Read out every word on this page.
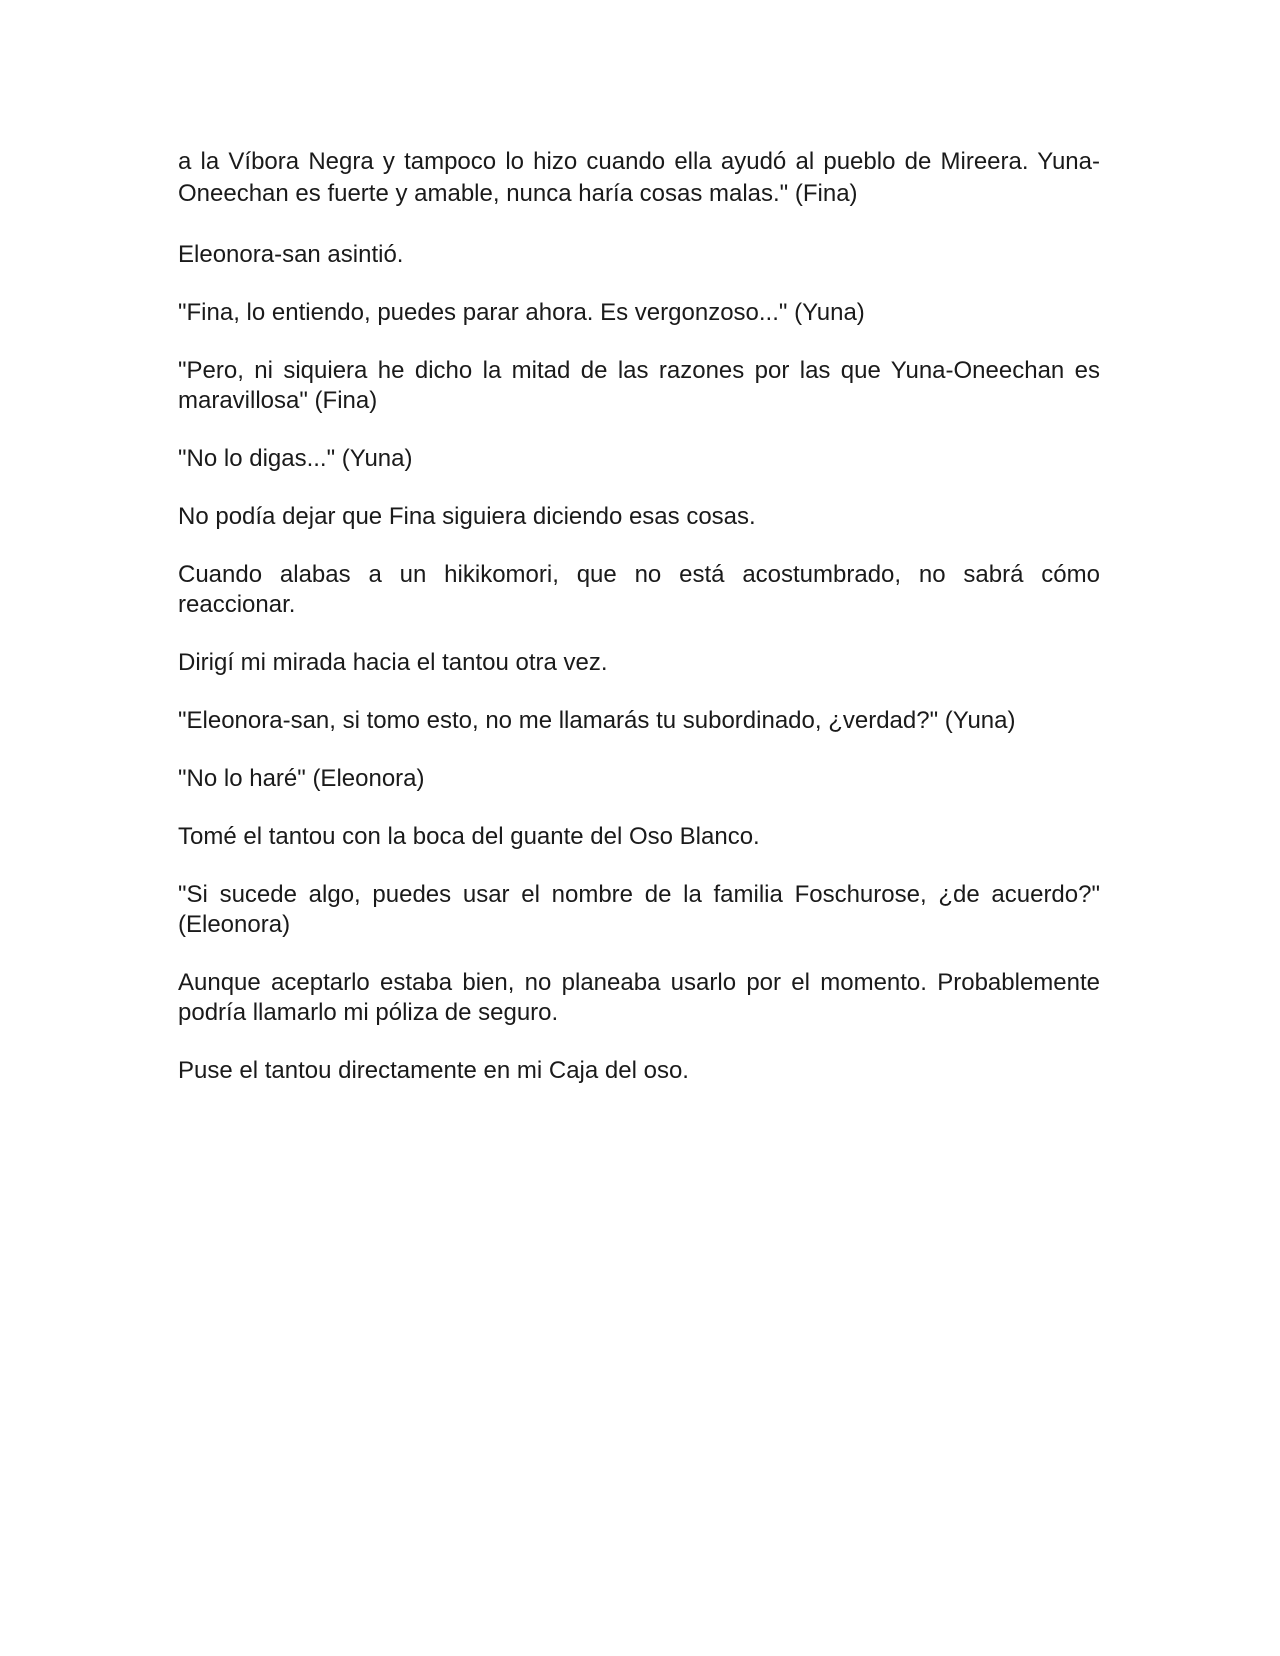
a la Víbora Negra y tampoco lo hizo cuando ella ayudó al pueblo de Mireera. Yuna-Oneechan es fuerte y amable, nunca haría cosas malas." (Fina)

Eleonora-san asintió.

"Fina, lo entiendo, puedes parar ahora. Es vergonzoso..." (Yuna)

"Pero, ni siquiera he dicho la mitad de las razones por las que Yuna-Oneechan es maravillosa" (Fina)

"No lo digas..." (Yuna)

No podía dejar que Fina siguiera diciendo esas cosas.

Cuando alabas a un hikikomori, que no está acostumbrado, no sabrá cómo reaccionar.

Dirigí mi mirada hacia el tantou otra vez.

"Eleonora-san, si tomo esto, no me llamarás tu subordinado, ¿verdad?" (Yuna)

"No lo haré" (Eleonora)

Tomé el tantou con la boca del guante del Oso Blanco.

"Si sucede algo, puedes usar el nombre de la familia Foschurose, ¿de acuerdo?" (Eleonora)

Aunque aceptarlo estaba bien, no planeaba usarlo por el momento. Probablemente podría llamarlo mi póliza de seguro.

Puse el tantou directamente en mi Caja del oso.
